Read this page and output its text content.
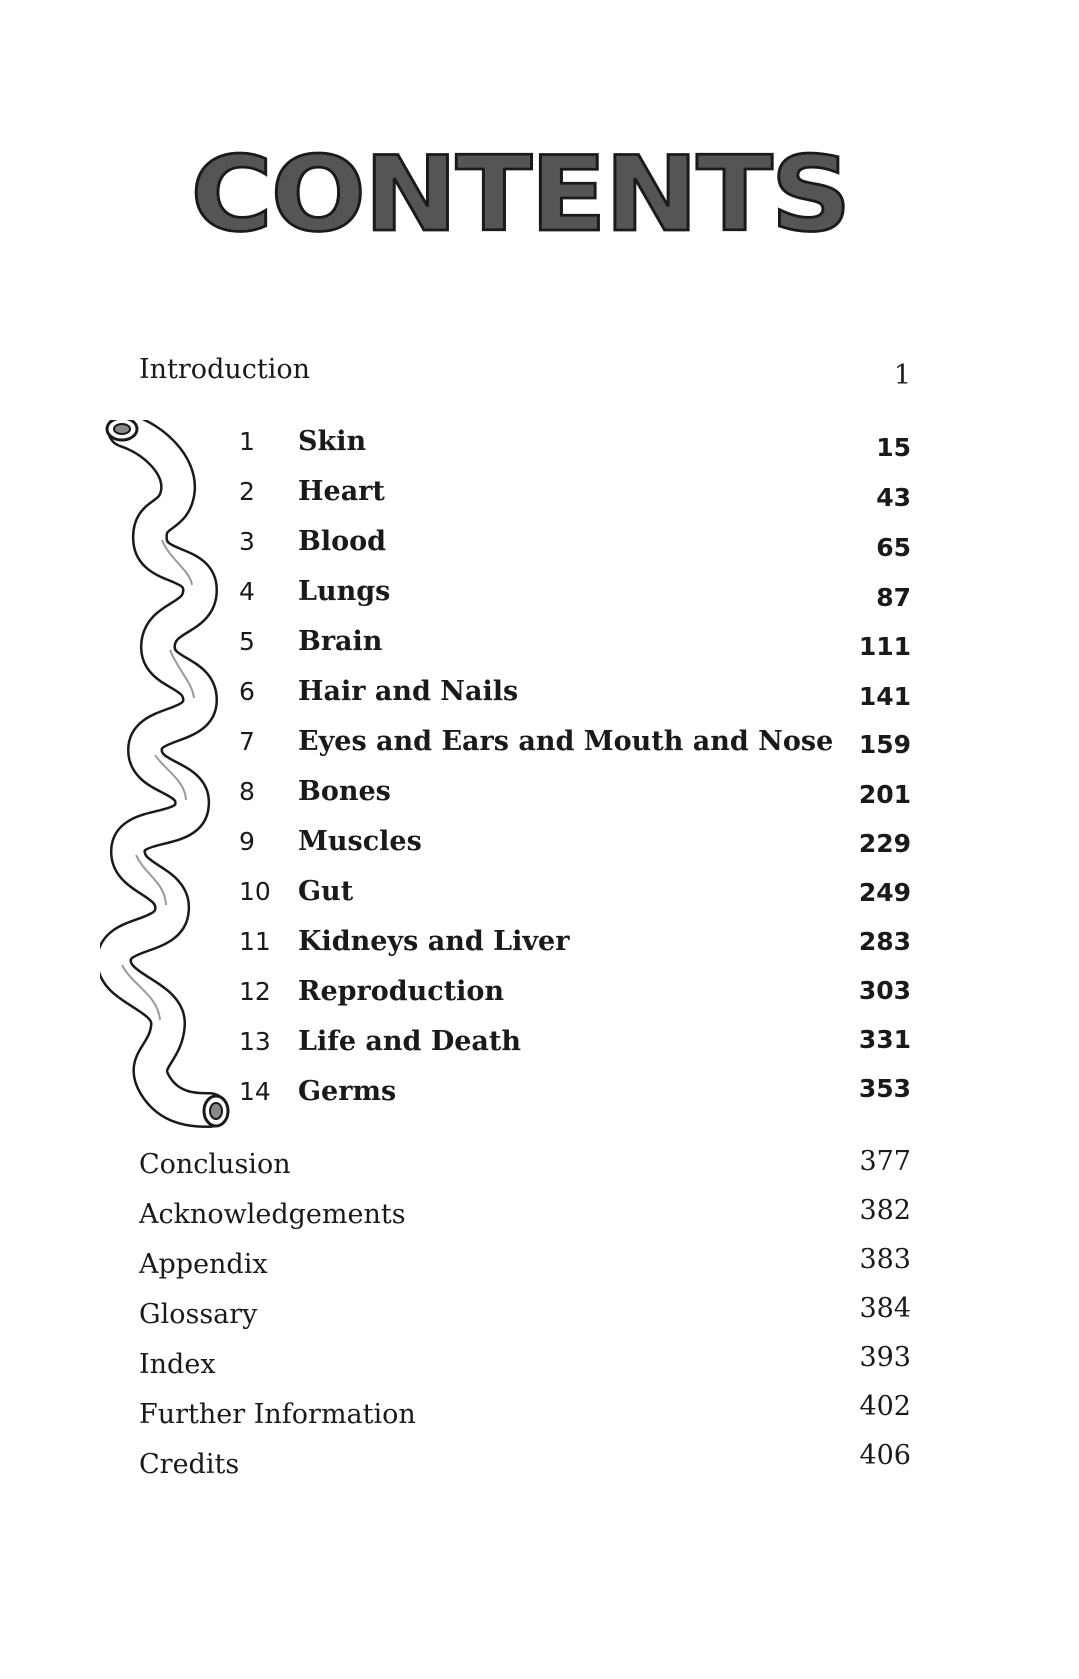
CONTENTS
Introduction	1
1 Skin	15
2 Heart	43
3 Blood	65
4 Lungs	87
5 Brain	111
6 Hair and Nails	141
7 Eyes and Ears and Mouth and Nose 159
8 Bones	201
9 Muscles	229
10 Gut	249
11 Kidneys and Liver	283
12 Reproduction	303
13 Life and Death	331
14 Germs	353
Conclusion	377
Acknowledgements	382
Appendix	383
Glossary	384
Index	393
Further Information	402
Credits	406
